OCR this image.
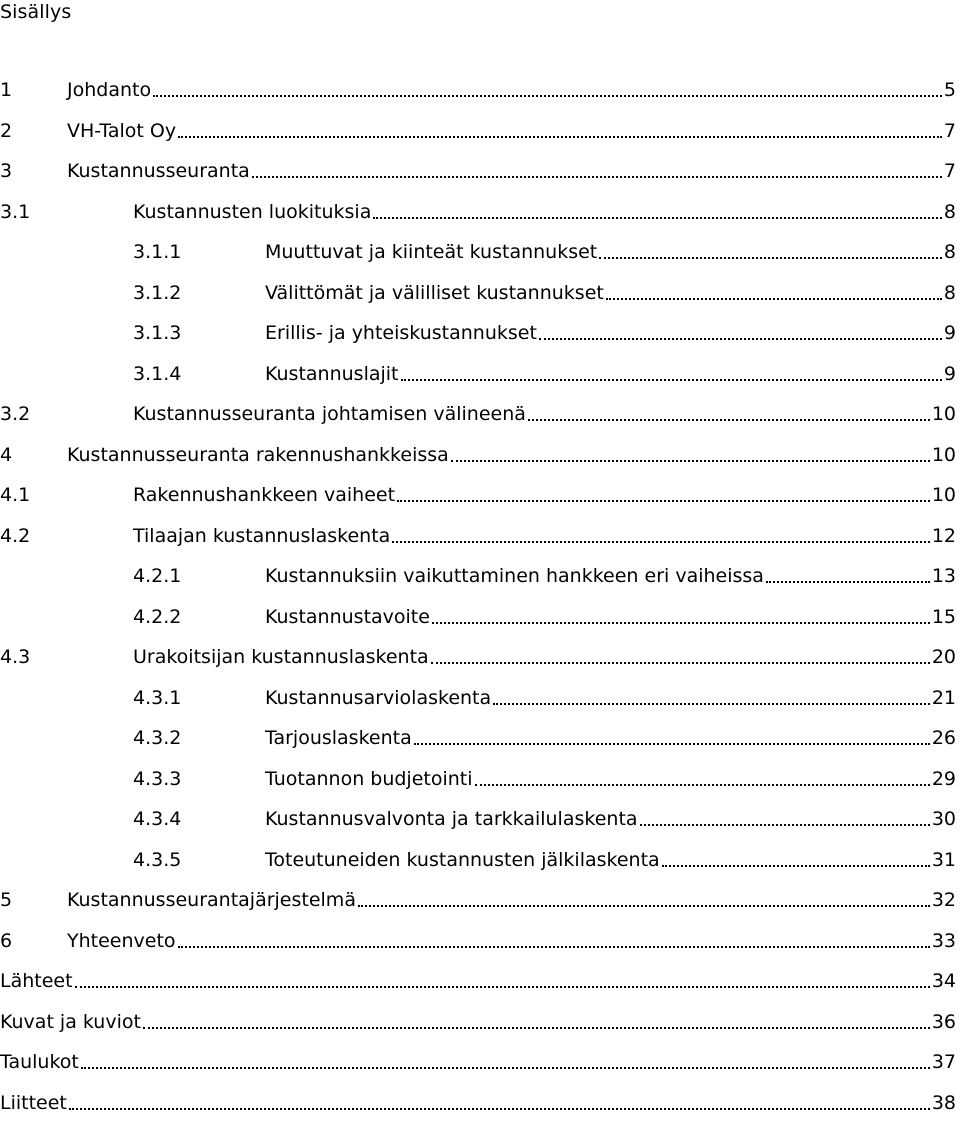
Sisällys
1	Johdanto	5
2	VH-Talot Oy	7
3	Kustannusseuranta	7
3.1	Kustannusten luokituksia	8
3.1.1	Muuttuvat ja kiinteät kustannukset	8
3.1.2	Välittömät ja välilliset kustannukset	8
3.1.3	Erillis- ja yhteiskustannukset	9
3.1.4	Kustannuslajit	9
3.2	Kustannusseuranta johtamisen välineenä	10
4	Kustannusseuranta rakennushankkeissa	10
4.1	Rakennushankkeen vaiheet	10
4.2	Tilaajan kustannuslaskenta	12
4.2.1	Kustannuksiin vaikuttaminen hankkeen eri vaiheissa	13
4.2.2	Kustannustavoite	15
4.3	Urakoitsijan kustannuslaskenta	20
4.3.1	Kustannusarviolaskenta	21
4.3.2	Tarjouslaskenta	26
4.3.3	Tuotannon budjetointi	29
4.3.4	Kustannusvalvonta ja tarkkailulaskenta	30
4.3.5	Toteutuneiden kustannusten jälkilaskenta	31
5	Kustannusseurantajärjestelmä	32
6	Yhteenveto	33
Lähteet	34
Kuvat ja kuviot	36
Taulukot	37
Liitteet	38
